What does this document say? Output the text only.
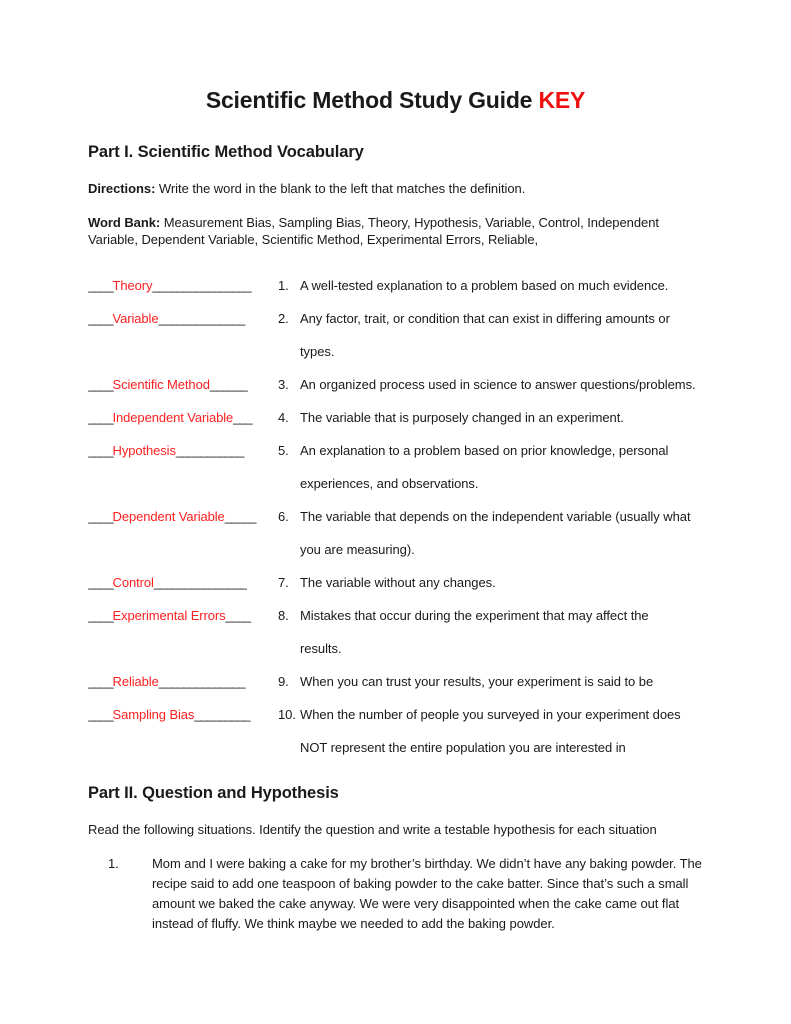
Scientific Method Study Guide KEY
Part I. Scientific Method Vocabulary

Directions: Write the word in the blank to the left that matches the definition.

Word Bank: Measurement Bias, Sampling Bias, Theory, Hypothesis, Variable, Control, Independent Variable, Dependent Variable, Scientific Method, Experimental Errors, Reliable,

____Theory________________	1. A well-tested explanation to a problem based on much evidence.
____Variable______________	2. Any factor, trait, or condition that can exist in differing amounts or
types.
____Scientific Method______	3. An organized process used in science to answer questions/problems.
____Independent Variable___	4. The variable that is purposely changed in an experiment.
____Hypothesis___________	5. An explanation to a problem based on prior knowledge, personal
experiences, and observations.
____Dependent Variable_____	6. The variable that depends on the independent variable (usually what
you are measuring).
____Control_______________	7. The variable without any changes.
____Experimental Errors____	8. Mistakes that occur during the experiment that may affect the
results.
____Reliable______________	9. When you can trust your results, your experiment is said to be
____Sampling Bias_________	10. When the number of people you surveyed in your experiment does
NOT represent the entire population you are interested in
Part II. Question and Hypothesis

Read the following situations. Identify the question and write a testable hypothesis for each situation

1.	Mom and I were baking a cake for my brother’s birthday. We didn’t have any baking powder. The recipe said to add one teaspoon of baking powder to the cake batter. Since that’s such a small amount we baked the cake anyway. We were very disappointed when the cake came out flat instead of fluffy. We think maybe we needed to add the baking powder.
